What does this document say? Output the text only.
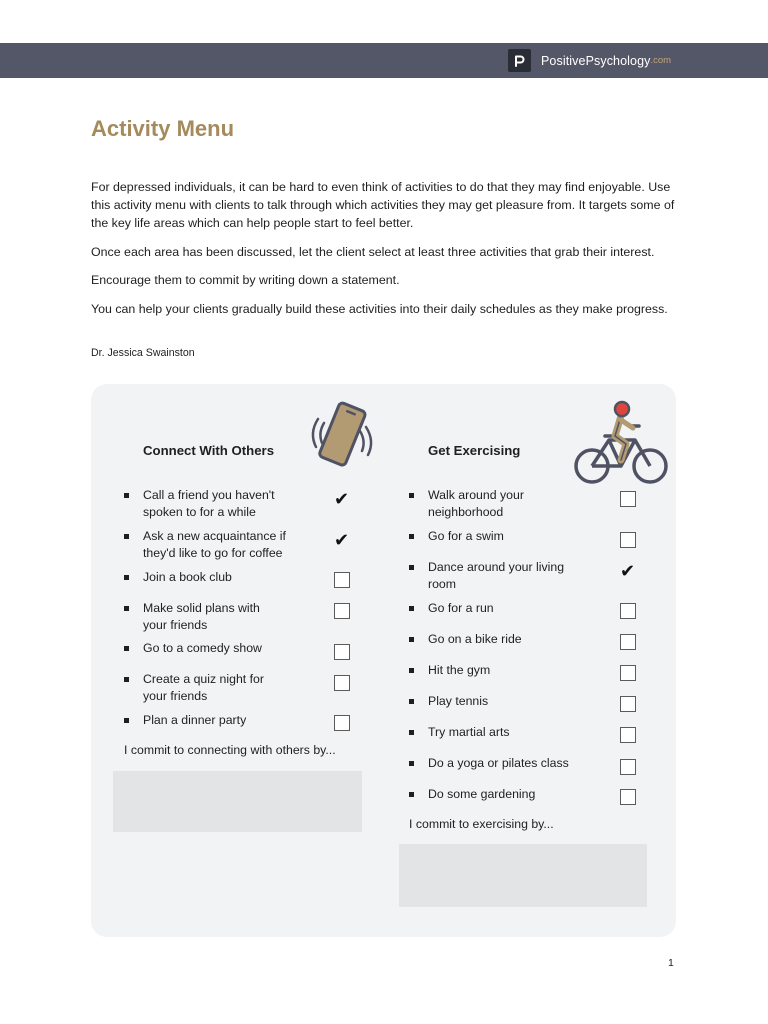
PositivePsychology .com
Activity Menu

For depressed individuals, it can be hard to even think of activities to do that they may find enjoyable. Use this activity menu with clients to talk through which activities they may get pleasure from. It targets some of the key life areas which can help people start to feel better.

Once each area has been discussed, let the client select at least three activities that grab their interest.

Encourage them to commit by writing down a statement.

You can help your clients gradually build these activities into their daily schedules as they make progress.

Dr. Jessica Swainston
Connect With Others	Get Exercising
Call a friend you haven't spoken to for a while
✔
Ask a new acquaintance if they'd like to go for coffee
✔
Join a book club
Make solid plans with your friends
Go to a comedy show
Create a quiz night for your friends
Plan a dinner party
I commit to connecting with others by...
Walk around your neighborhood
Go for a swim
Dance around your living room
✔
Go for a run
Go on a bike ride
Hit the gym
Play tennis
Try martial arts
Do a yoga or pilates class
Do some gardening
I commit to exercising by...
1
